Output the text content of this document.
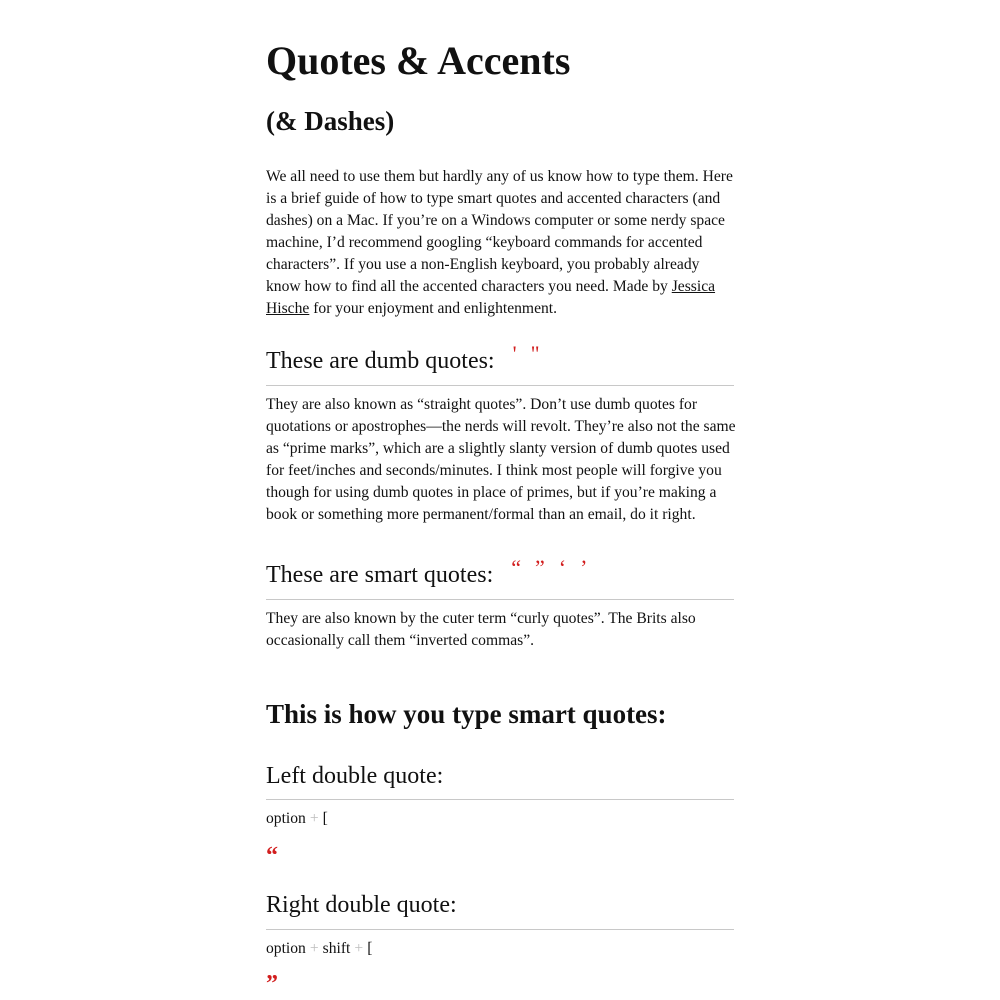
Quotes & Accents
(& Dashes)

We all need to use them but hardly any of us know how to type them. Here is a brief guide of how to type smart quotes and accented characters (and dashes) on a Mac. If you’re on a Windows computer or some nerdy space machine, I’d recommend googling “keyboard commands for accented characters”. If you use a non-English keyboard, you probably already know how to find all the accented characters you need. Made by Jessica Hische for your enjoyment and enlightenment.

These are dumb quotes: ' "

They are also known as “straight quotes”. Don’t use dumb quotes for quotations or apostrophes—the nerds will revolt. They’re also not the same as “prime marks”, which are a slightly slanty version of dumb quotes used for feet/inches and seconds/minutes. I think most people will forgive you though for using dumb quotes in place of primes, but if you’re making a book or something more permanent/formal than an email, do it right.

These are smart quotes: “ ” ‘ ’

They are also known by the cuter term “curly quotes”. The Brits also occasionally call them “inverted commas”.

This is how you type smart quotes:
Left double quote:

option + [

“

Right double quote:

option + shift + [

”
